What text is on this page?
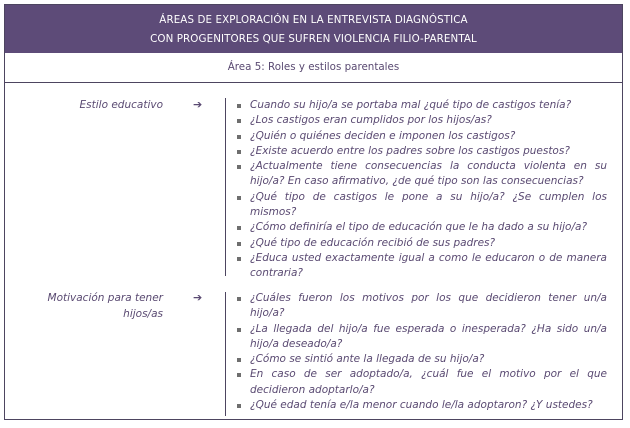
ÁREAS DE EXPLORACIÓN EN LA ENTREVISTA DIAGNÓSTICA
CON PROGENITORES QUE SUFREN VIOLENCIA FILIO-PARENTAL
Área 5: Roles y estilos parentales
Estilo educativo	➔	Cuando su hijo/a se portaba mal ¿qué tipo de castigos tenía?
¿Los castigos eran cumplidos por los hijos/as?
¿Quién o quiénes deciden e imponen los castigos?
¿Existe acuerdo entre los padres sobre los castigos puestos?
¿Actualmente tiene consecuencias la conducta violenta en su hijo/a? En caso afirmativo, ¿de qué tipo son las consecuencias?
¿Qué tipo de castigos le pone a su hijo/a? ¿Se cumplen los mismos?
¿Cómo definiría el tipo de educación que le ha dado a su hijo/a?
¿Qué tipo de educación recibió de sus padres?
¿Educa usted exactamente igual a como le educaron o de manera contraria?
Motivación para tener
hijos/as
➔	¿Cuáles fueron los motivos por los que decidieron tener un/a hijo/a?
¿La llegada del hijo/a fue esperada o inesperada? ¿Ha sido un/a hijo/a deseado/a?
¿Cómo se sintió ante la llegada de su hijo/a?
En caso de ser adoptado/a, ¿cuál fue el motivo por el que decidieron adoptarlo/a?
¿Qué edad tenía e/la menor cuando le/la adoptaron? ¿Y ustedes?
